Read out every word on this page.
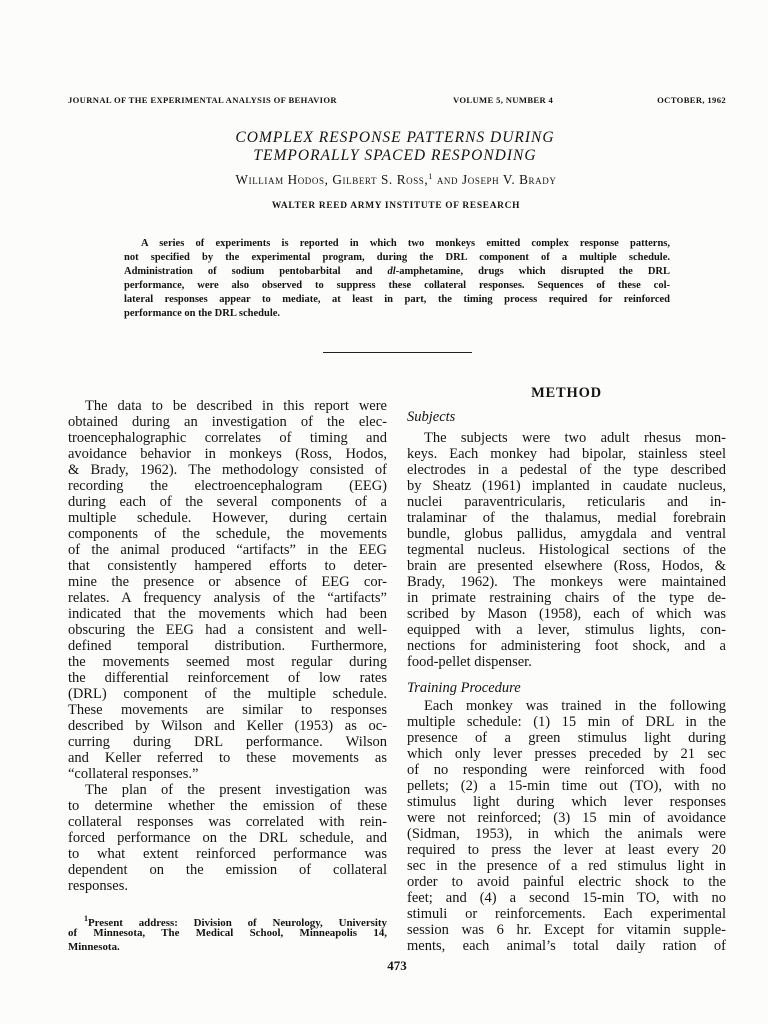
JOURNAL OF THE EXPERIMENTAL ANALYSIS OF BEHAVIOR	VOLUME 5, NUMBER 4	OCTOBER, 1962
COMPLEX RESPONSE PATTERNS DURING
TEMPORALLY SPACED RESPONDING
William Hodos, Gilbert S. Ross,$^1$ and Joseph V. Brady
WALTER REED ARMY INSTITUTE OF RESEARCH
A series of experiments is reported in which two monkeys emitted complex response patterns,
not specified by the experimental program, during the DRL component of a multiple schedule.
Administration of sodium pentobarbital and dl-amphetamine, drugs which disrupted the DRL
performance, were also observed to suppress these collateral responses. Sequences of these col-
lateral responses appear to mediate, at least in part, the timing process required for reinforced
performance on the DRL schedule.
The data to be described in this report were
obtained during an investigation of the elec-
troencephalographic correlates of timing and
avoidance behavior in monkeys (Ross, Hodos,
& Brady, 1962). The methodology consisted of
recording the electroencephalogram (EEG)
during each of the several components of a
multiple schedule. However, during certain
components of the schedule, the movements
of the animal produced “artifacts” in the EEG
that consistently hampered efforts to deter-
mine the presence or absence of EEG cor-
relates. A frequency analysis of the “artifacts”
indicated that the movements which had been
obscuring the EEG had a consistent and well-
defined temporal distribution. Furthermore,
the movements seemed most regular during
the differential reinforcement of low rates
(DRL) component of the multiple schedule.
These movements are similar to responses
described by Wilson and Keller (1953) as oc-
curring during DRL performance. Wilson
and Keller referred to these movements as
“collateral responses.”
The plan of the present investigation was
to determine whether the emission of these
collateral responses was correlated with rein-
forced performance on the DRL schedule, and
to what extent reinforced performance was
dependent on the emission of collateral
responses.
$^1$Present address: Division of Neurology, University
of Minnesota, The Medical School, Minneapolis 14,
Minnesota.
METHOD
Subjects
The subjects were two adult rhesus mon-
keys. Each monkey had bipolar, stainless steel
electrodes in a pedestal of the type described
by Sheatz (1961) implanted in caudate nucleus,
nuclei paraventricularis, reticularis and in-
tralaminar of the thalamus, medial forebrain
bundle, globus pallidus, amygdala and ventral
tegmental nucleus. Histological sections of the
brain are presented elsewhere (Ross, Hodos, &
Brady, 1962). The monkeys were maintained
in primate restraining chairs of the type de-
scribed by Mason (1958), each of which was
equipped with a lever, stimulus lights, con-
nections for administering foot shock, and a
food-pellet dispenser.
Training Procedure
Each monkey was trained in the following
multiple schedule: (1) 15 min of DRL in the
presence of a green stimulus light during
which only lever presses preceded by 21 sec
of no responding were reinforced with food
pellets; (2) a 15-min time out (TO), with no
stimulus light during which lever responses
were not reinforced; (3) 15 min of avoidance
(Sidman, 1953), in which the animals were
required to press the lever at least every 20
sec in the presence of a red stimulus light in
order to avoid painful electric shock to the
feet; and (4) a second 15-min TO, with no
stimuli or reinforcements. Each experimental
session was 6 hr. Except for vitamin supple-
ments, each animal’s total daily ration of
473
